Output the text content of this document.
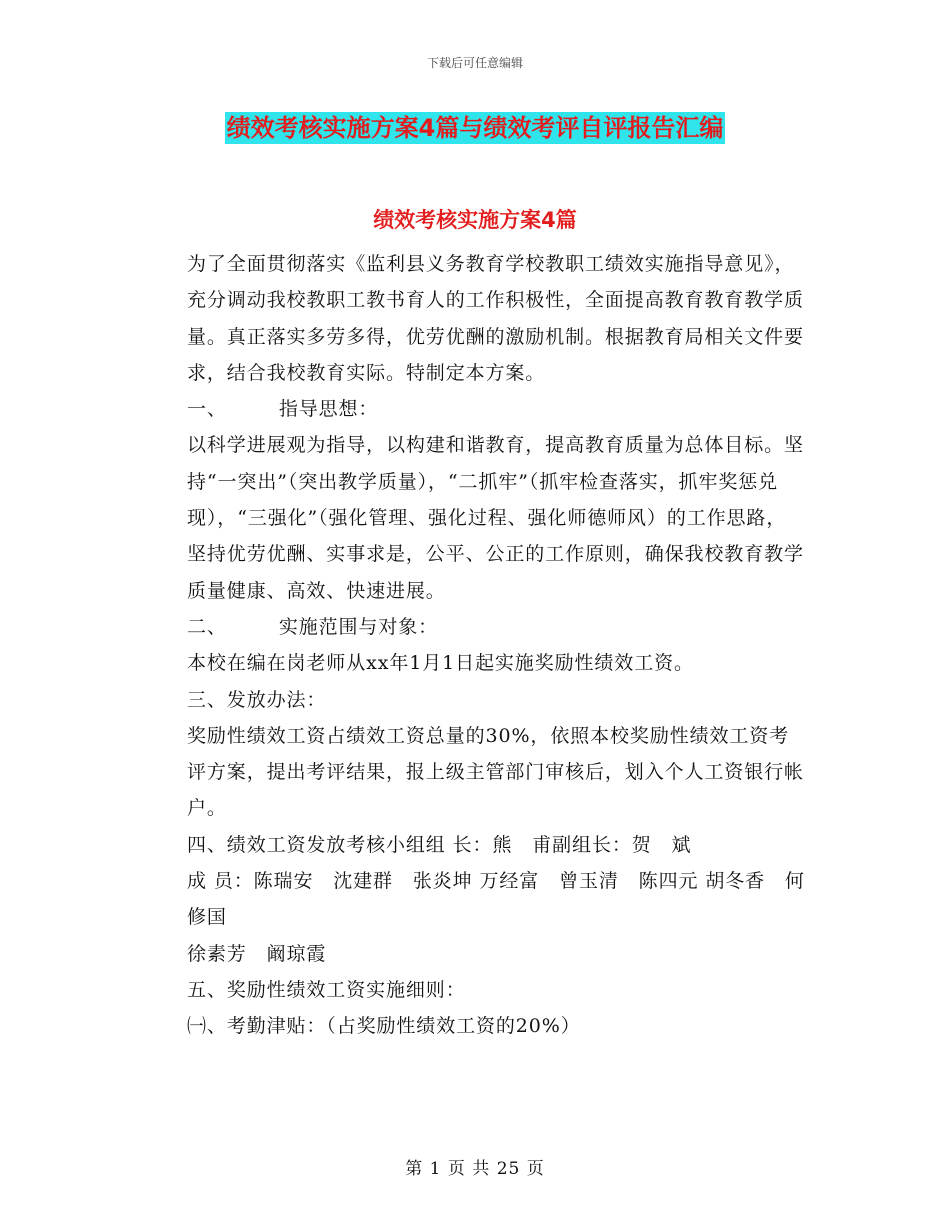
下载后可任意编辑
绩效考核实施方案4篇与绩效考评自评报告汇编
绩效考核实施方案4篇

为了全面贯彻落实《监利县义务教育学校教职工绩效实施指导意见》，充分调动我校教职工教书育人的工作积极性，全面提高教育教育教学质量。真正落实多劳多得，优劳优酬的激励机制。根据教育局相关文件要求，结合我校教育实际。特制定本方案。

一、	指导思想：

以科学进展观为指导，以构建和谐教育，提高教育质量为总体目标。坚持“一突出”（突出教学质量），“二抓牢”（抓牢检查落实，抓牢奖惩兑现），“三强化”（强化管理、强化过程、强化师德师风）的工作思路，坚持优劳优酬、实事求是，公平、公正的工作原则，确保我校教育教学质量健康、高效、快速进展。

二、	实施范围与对象：

本校在编在岗老师从xx年1月1日起实施奖励性绩效工资。

三、发放办法：

奖励性绩效工资占绩效工资总量的30%，依照本校奖励性绩效工资考评方案，提出考评结果，报上级主管部门审核后，划入个人工资银行帐户。

四、绩效工资发放考核小组组 长：熊　甫副组长：贺　斌

成 员：陈瑞安　沈建群　张炎坤 万经富　曾玉清　陈四元 胡冬香　何修国

徐素芳　阚琼霞

五、奖励性绩效工资实施细则：

㈠、考勤津贴：（占奖励性绩效工资的20%）

第 1 页 共 25 页
